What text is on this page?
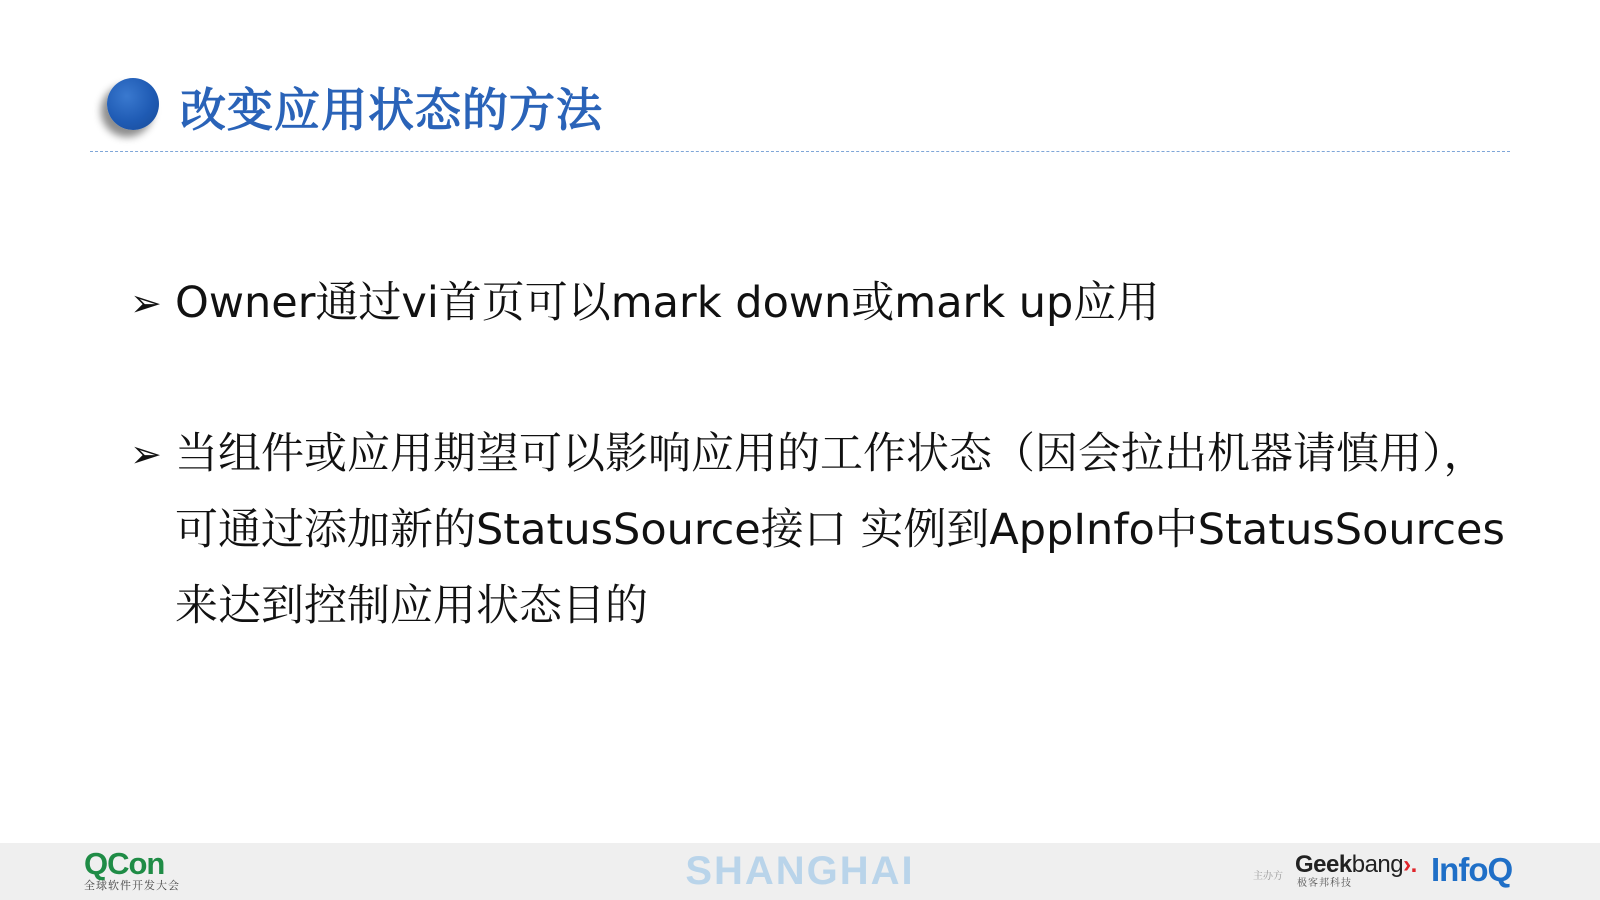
改变应用状态的方法
➢ Owner通过vi首页可以mark down或mark up应用
➢ 当组件或应用期望可以影响应用的工作状态（因会拉出机器请慎用），可通过添加新的StatusSource接口 实例到AppInfo中StatusSources来达到控制应用状态目的
QCon
全球软件开发大会	SHANGHAI	主办方 Geekbang›.
极客邦科技	InfoQ
